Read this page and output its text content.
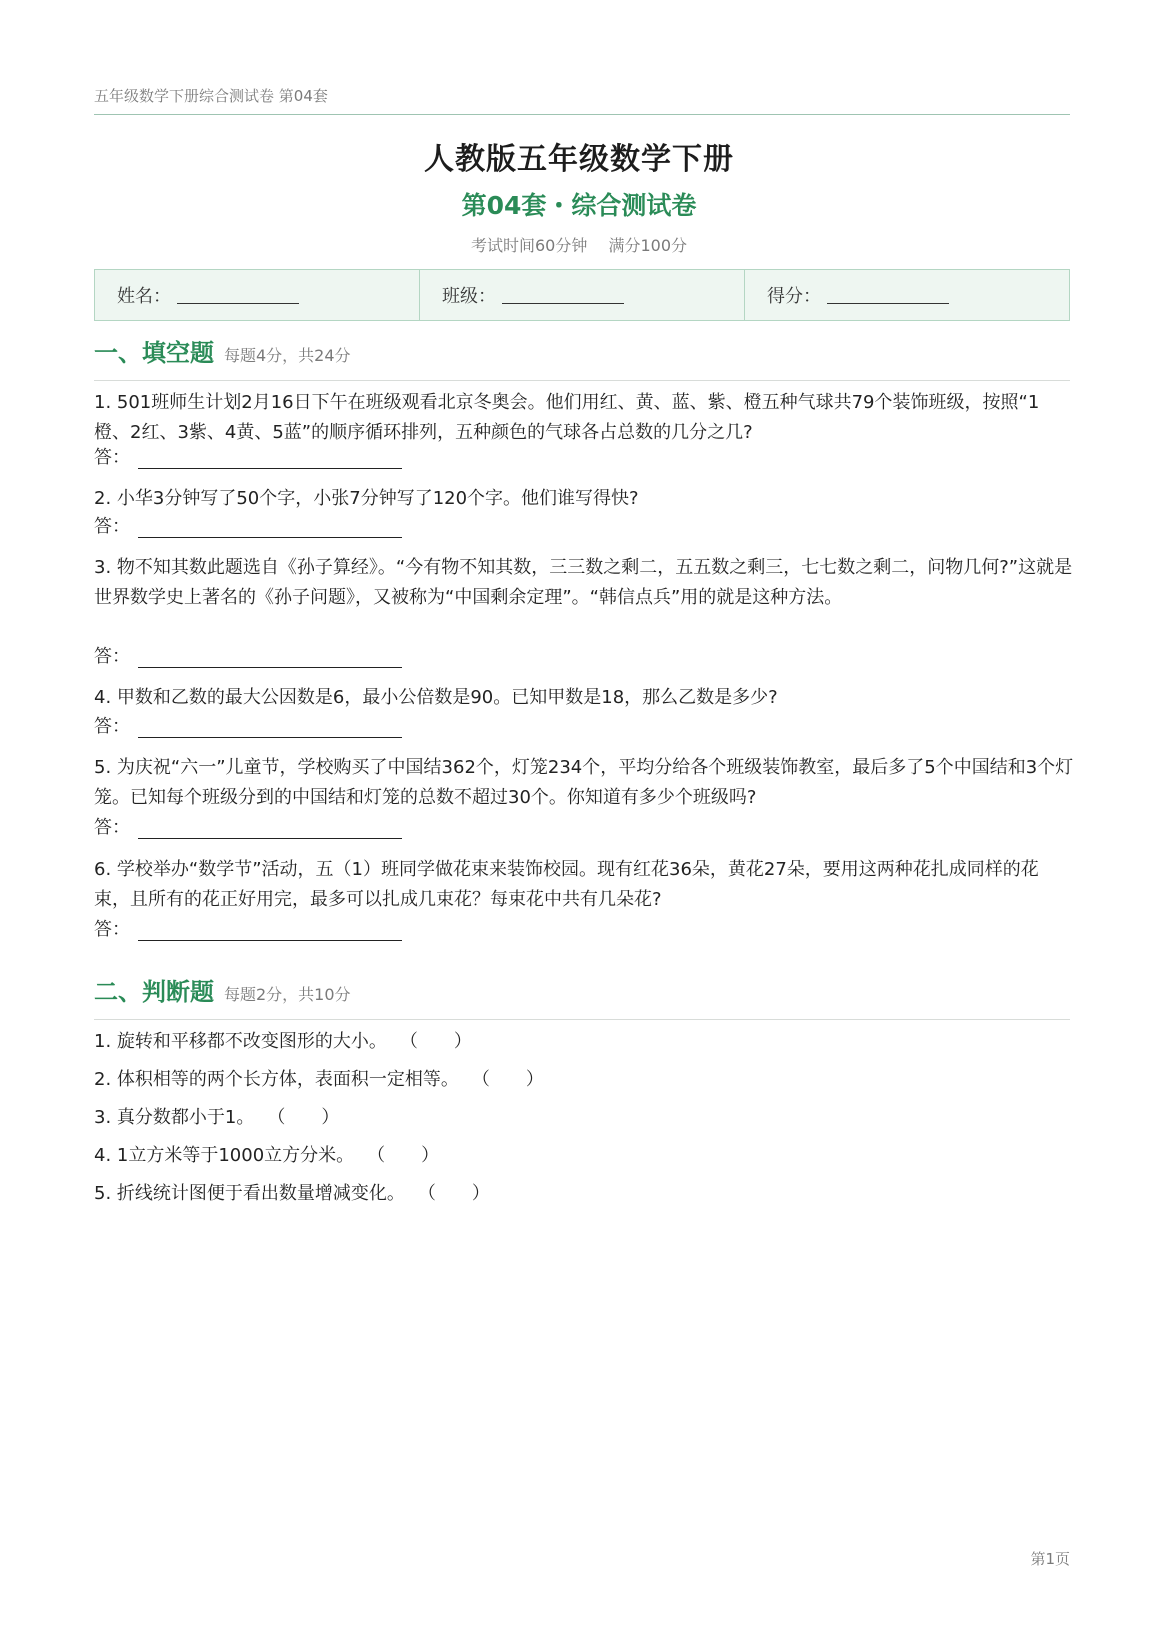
五年级数学下册综合测试卷 第04套
人教版五年级数学下册
第04套・综合测试卷
考试时间60分钟 满分100分
姓名：	班级：	得分：
一、填空题 每题4分，共24分
1. 501班师生计划2月16日下午在班级观看北京冬奥会。他们用红、黄、蓝、紫、橙五种气球共79个装饰班级，按照“1橙、2红、3紫、4黄、5蓝”的顺序循环排列，五种颜色的气球各占总数的几分之几?
答：
2. 小华3分钟写了50个字，小张7分钟写了120个字。他们谁写得快?
答：
3. 物不知其数此题选自《孙子算经》。“今有物不知其数，三三数之剩二，五五数之剩三，七七数之剩二，问物几何?”这就是世界数学史上著名的《孙子问题》，又被称为“中国剩余定理”。“韩信点兵”用的就是这种方法。
答：
4. 甲数和乙数的最大公因数是6，最小公倍数是90。已知甲数是18，那么乙数是多少?
答：
5. 为庆祝“六一”儿童节，学校购买了中国结362个，灯笼234个，平均分给各个班级装饰教室，最后多了5个中国结和3个灯笼。已知每个班级分到的中国结和灯笼的总数不超过30个。你知道有多少个班级吗?
答：
6. 学校举办“数学节”活动，五（1）班同学做花束来装饰校园。现有红花36朵，黄花27朵，要用这两种花扎成同样的花束，且所有的花正好用完，最多可以扎成几束花？每束花中共有几朵花?
答：
二、判断题 每题2分，共10分
1. 旋转和平移都不改变图形的大小。 （　　）
2. 体积相等的两个长方体，表面积一定相等。 （　　）
3. 真分数都小于1。 （　　）
4. 1立方米等于1000立方分米。 （　　）
5. 折线统计图便于看出数量增减变化。 （　　）
第1页
